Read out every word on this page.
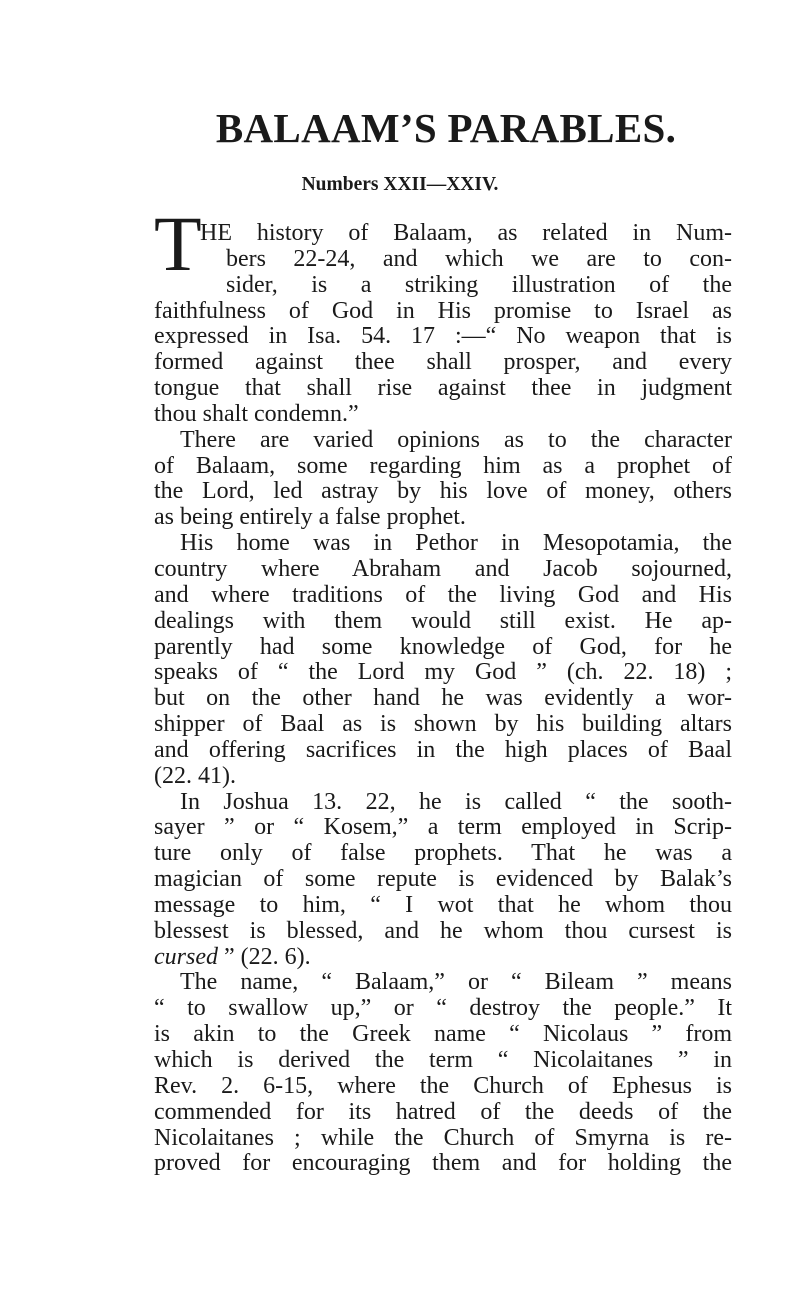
BALAAM’S PARABLES.
Numbers XXII—XXIV.
T
HE history of Balaam, as related in Num-
bers 22-24, and which we are to con-
sider, is a striking illustration of the
faithfulness of God in His promise to Israel as
expressed in Isa. 54. 17 :—“ No weapon that is
formed against thee shall prosper, and every
tongue that shall rise against thee in judgment
thou shalt condemn.”
There are varied opinions as to the character
of Balaam, some regarding him as a prophet of
the Lord, led astray by his love of money, others
as being entirely a false prophet.
His home was in Pethor in Mesopotamia, the
country where Abraham and Jacob sojourned,
and where traditions of the living God and His
dealings with them would still exist. He ap-
parently had some knowledge of God, for he
speaks of “ the Lord my God ” (ch. 22. 18) ;
but on the other hand he was evidently a wor-
shipper of Baal as is shown by his building altars
and offering sacrifices in the high places of Baal
(22. 41).
In Joshua 13. 22, he is called “ the sooth-
sayer ” or “ Kosem,” a term employed in Scrip-
ture only of false prophets. That he was a
magician of some repute is evidenced by Balak’s
message to him, “ I wot that he whom thou
blessest is blessed, and he whom thou cursest is
cursed ” (22. 6).
The name, “ Balaam,” or “ Bileam ” means
“ to swallow up,” or “ destroy the people.” It
is akin to the Greek name “ Nicolaus ” from
which is derived the term “ Nicolaitanes ” in
Rev. 2. 6-15, where the Church of Ephesus is
commended for its hatred of the deeds of the
Nicolaitanes ; while the Church of Smyrna is re-
proved for encouraging them and for holding the
